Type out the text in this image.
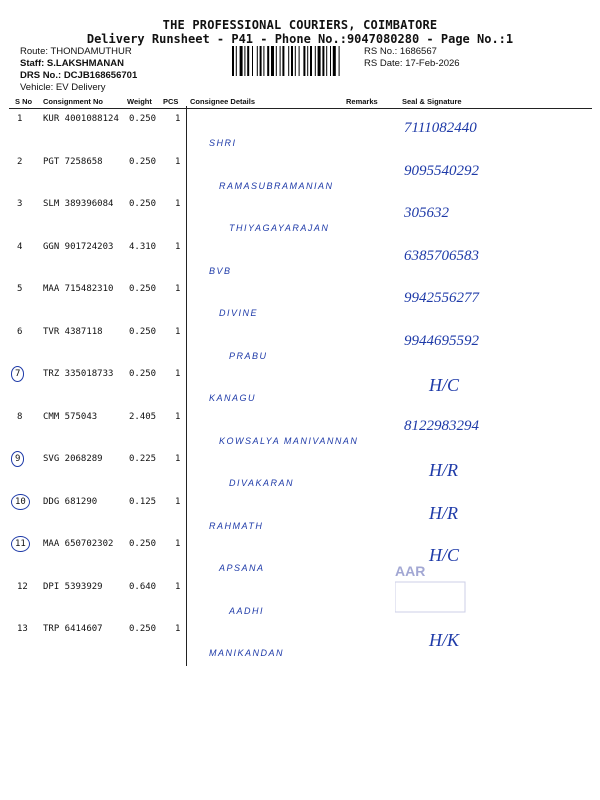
THE PROFESSIONAL COURIERS, COIMBATORE
Delivery Runsheet - P41 - Phone No.:9047080280 - Page No.:1
Route: THONDAMUTHUR
Staff: S.LAKSHMANAN
DRS No.: DCJB168656701
Vehicle: EV Delivery
RS No.: 1686567
RS Date: 17-Feb-2026
S No Consignment No	Weight PCS Consignee Details	Remarks	Seal & Signature
1 KUR 4001088124 0.250 1
SHRI
7111082440
2 PGT 7258658	0.250 1
RAMASUBRAMANIAN
9095540292
3 SLM 389396084 0.250 1
THIYAGAYARAJAN
305632
4 GGN 901724203 4.310 1
BVB
6385706583
5 MAA 715482310 0.250 1
DIVINE
9942556277
6 TVR 4387118	0.250 1
PRABU
9944695592
7	TRZ 335018733 0.250 1
KANAGU
H/C
8 CMM 575043	2.405 1
KOWSALYA MANIVANNAN
8122983294
9	SVG 2068289	0.225 1
DIVAKARAN
H/R
10	DDG 681290	0.125 1
RAHMATH
H/R
11	MAA 650702302 0.250 1
APSANA
H/C
12 DPI 5393929	0.640 1
AADHI
13 TRP 6414607	0.250 1
MANIKANDAN
H/K
AAR
